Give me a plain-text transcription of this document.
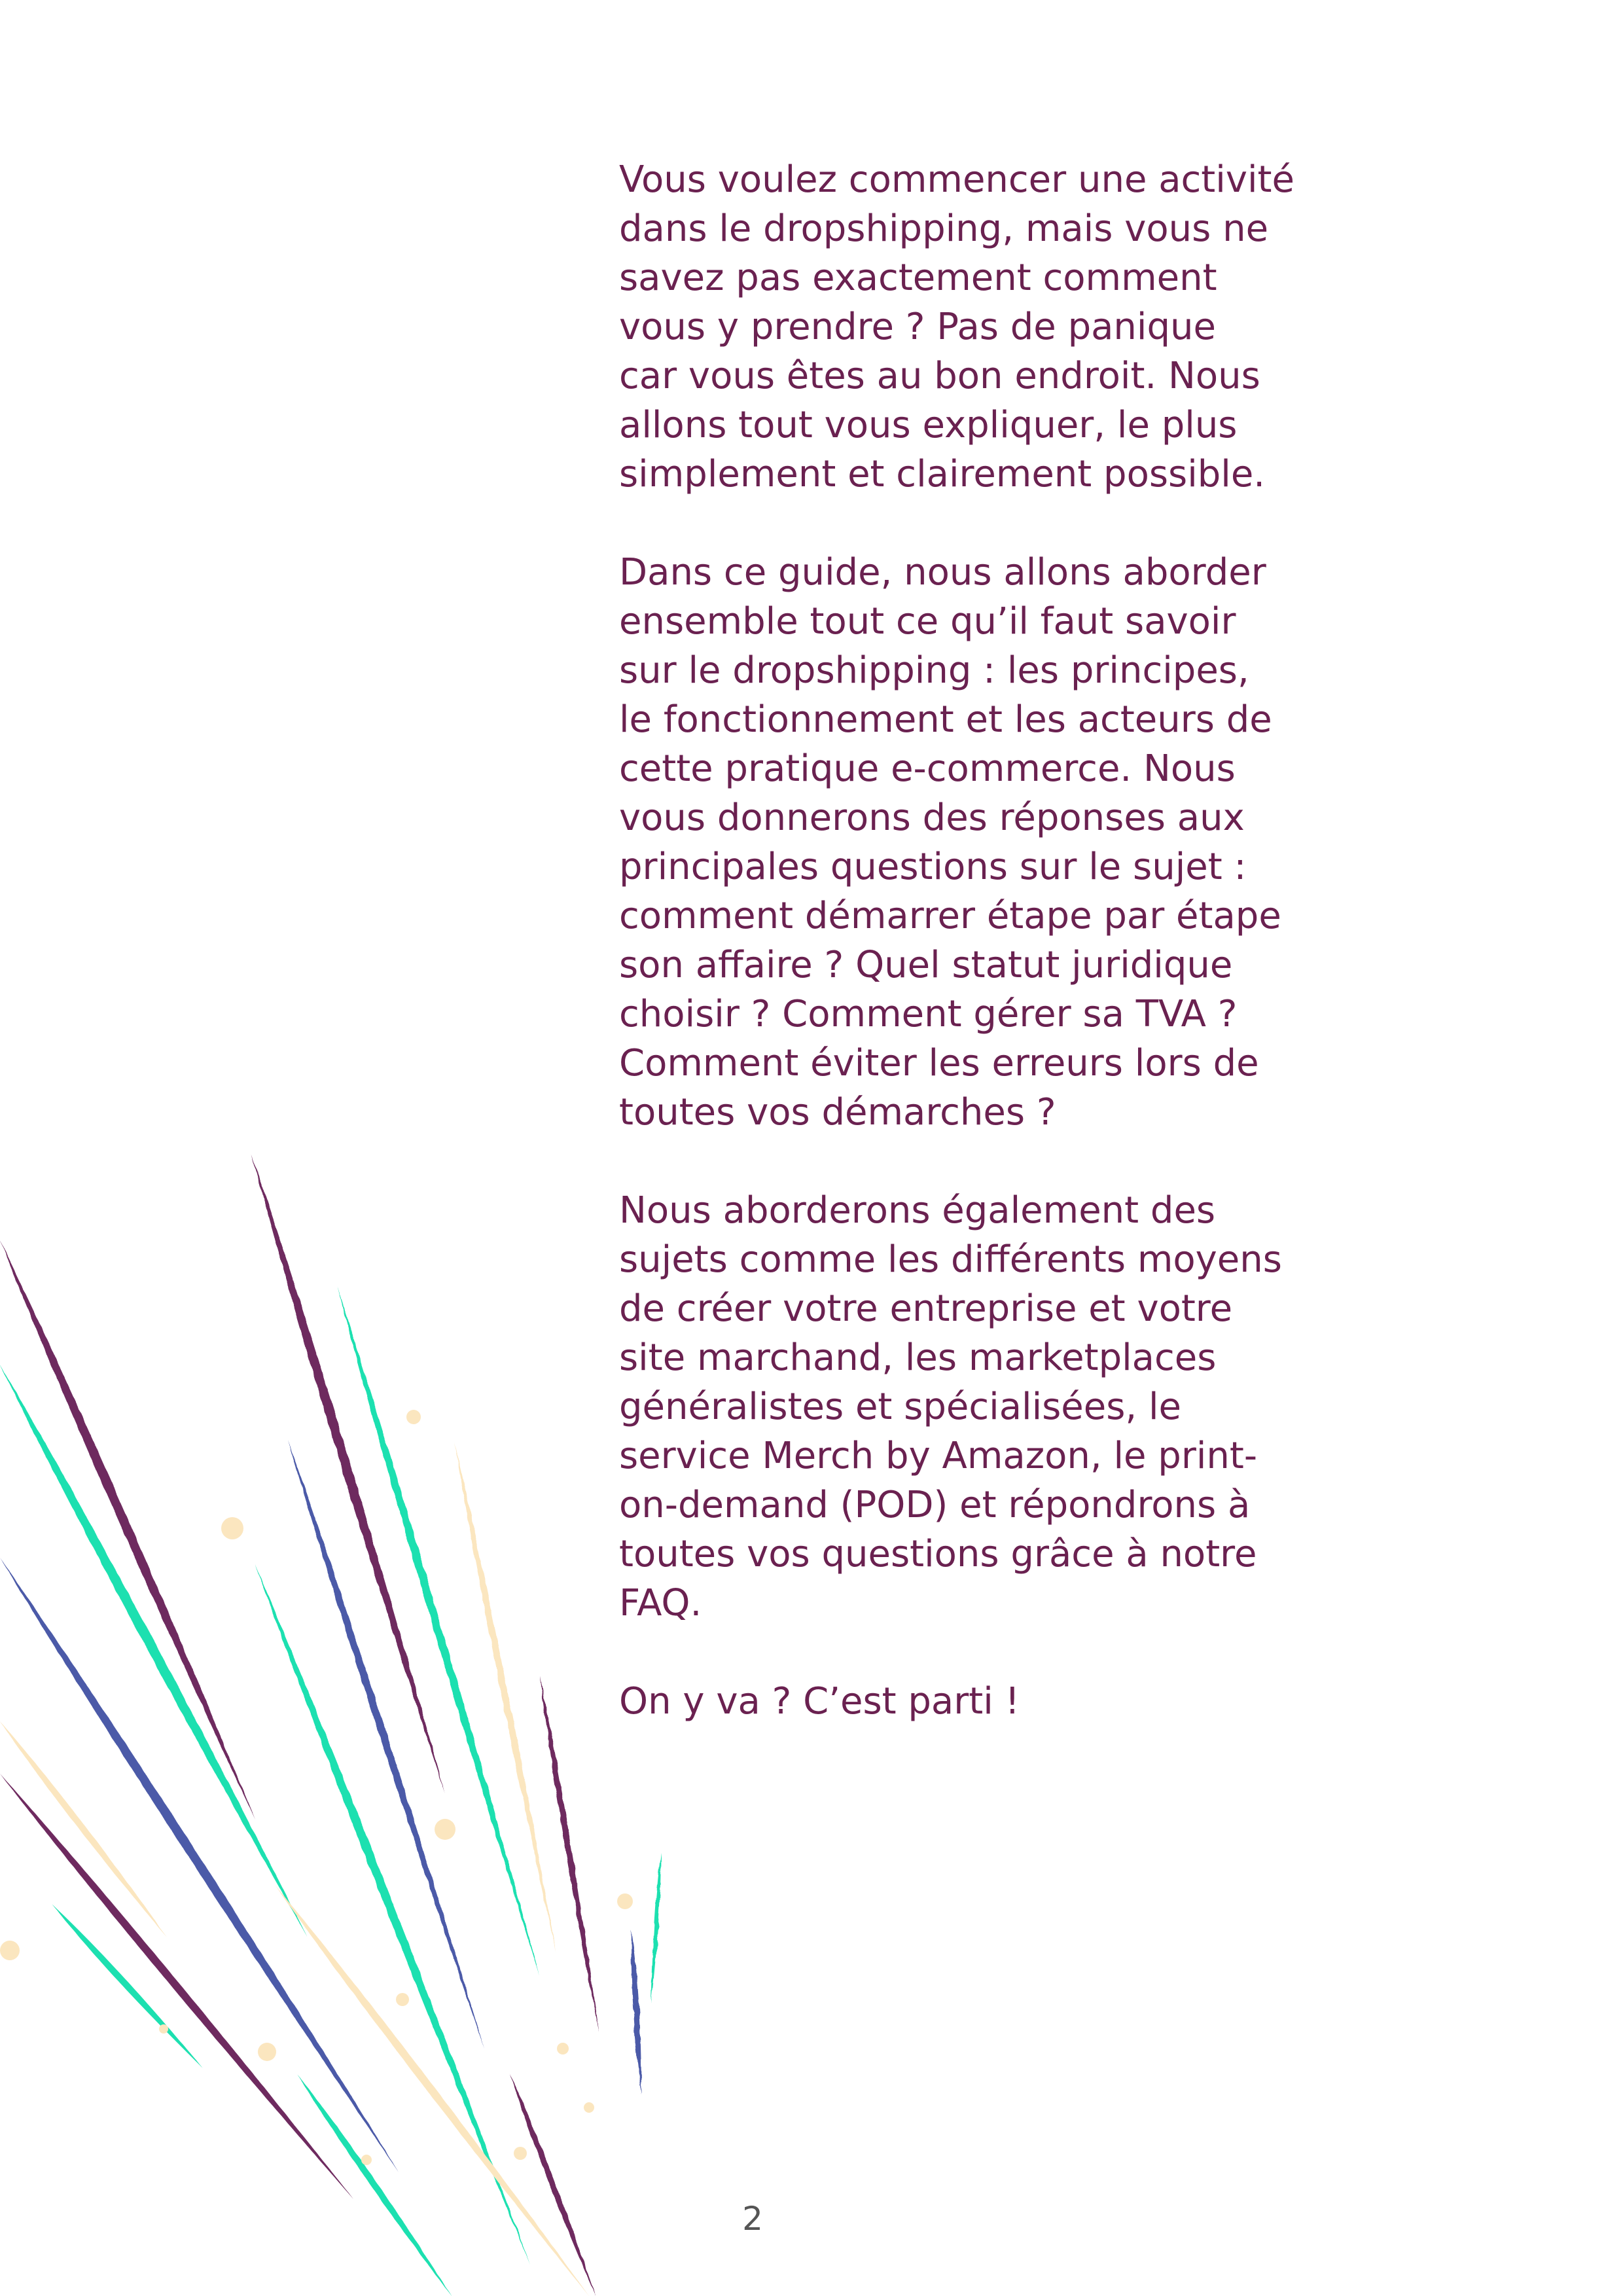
Vous voulez commencer une activité
dans le dropshipping, mais vous ne
savez pas exactement comment
vous y prendre ? Pas de panique
car vous êtes au bon endroit. Nous
allons tout vous expliquer, le plus
simplement et clairement possible.

Dans ce guide, nous allons aborder
ensemble tout ce qu’il faut savoir
sur le dropshipping : les principes,
le fonctionnement et les acteurs de
cette pratique e-commerce. Nous
vous donnerons des réponses aux
principales questions sur le sujet :
comment démarrer étape par étape
son affaire ? Quel statut juridique
choisir ? Comment gérer sa TVA ?
Comment éviter les erreurs lors de
toutes vos démarches ?

Nous aborderons également des
sujets comme les différents moyens
de créer votre entreprise et votre
site marchand, les marketplaces
généralistes et spécialisées, le
service Merch by Amazon, le print-
on-demand (POD) et répondrons à
toutes vos questions grâce à notre
FAQ.

On y va ? C’est parti !

2
